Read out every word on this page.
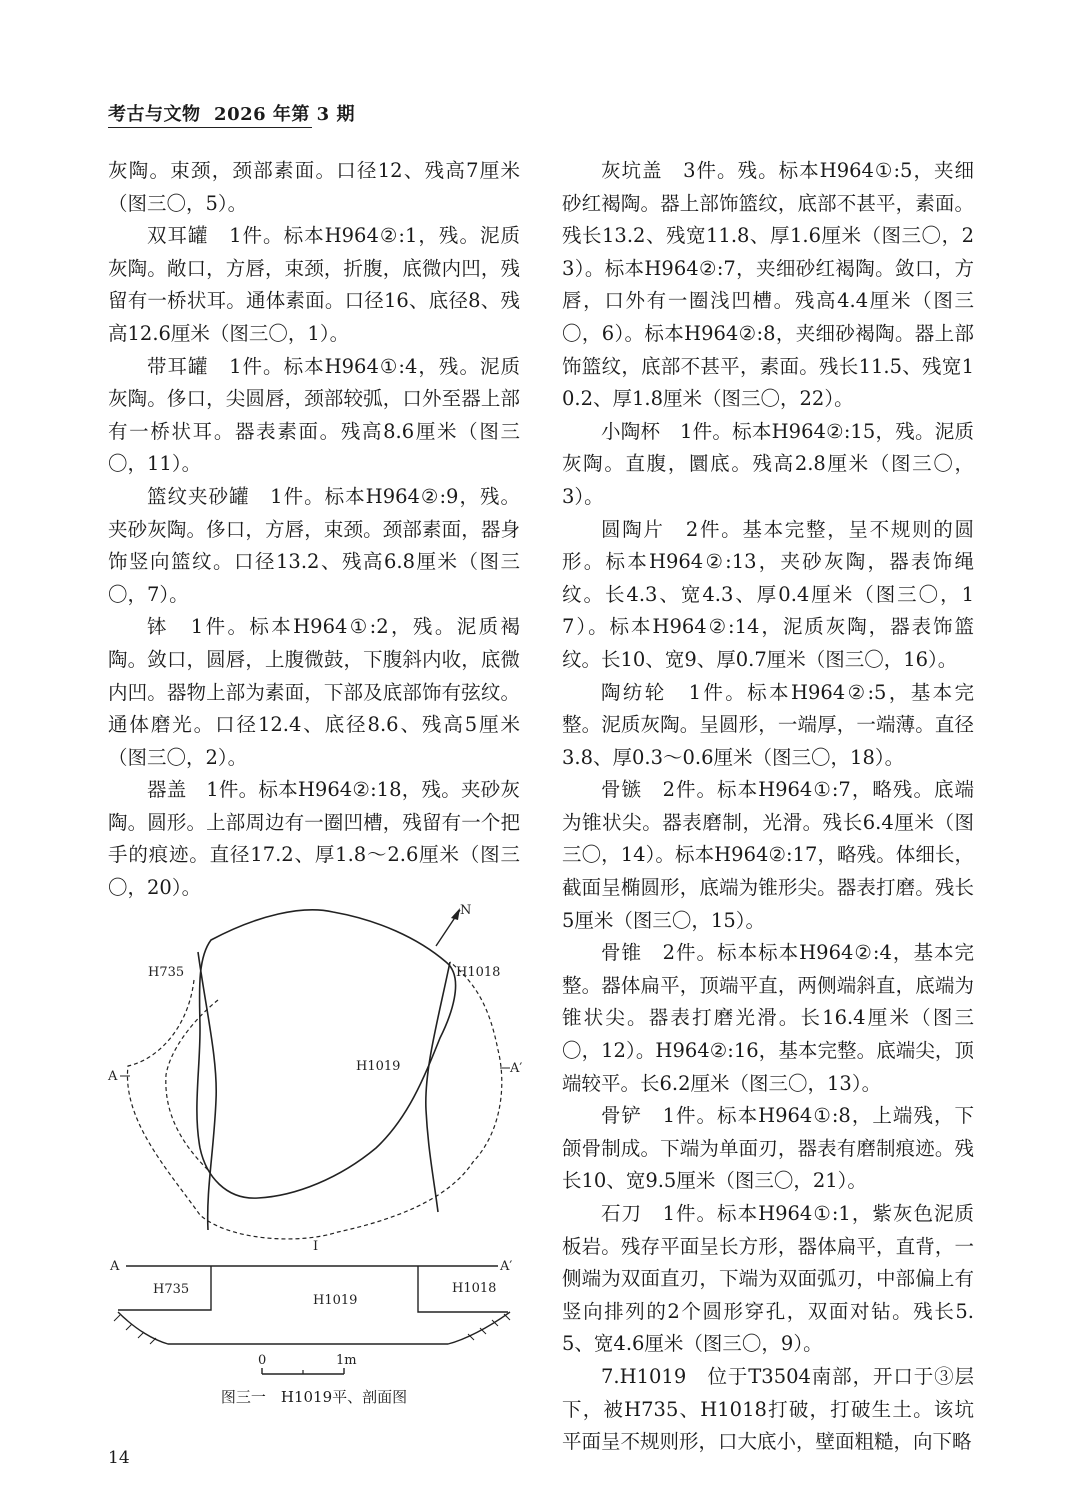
考古与文物 2026 年第 3 期

灰陶。束颈，颈部素面。口径12、残高7厘米（图三〇，5）。

双耳罐　1件。标本H964②:1，残。泥质灰陶。敞口，方唇，束颈，折腹，底微内凹，残留有一桥状耳。通体素面。口径16、底径8、残高12.6厘米（图三〇，1）。

带耳罐　1件。标本H964①:4，残。泥质灰陶。侈口，尖圆唇，颈部较弧，口外至器上部有一桥状耳。器表素面。残高8.6厘米（图三〇，11）。

篮纹夹砂罐　1件。标本H964②:9，残。夹砂灰陶。侈口，方唇，束颈。颈部素面，器身饰竖向篮纹。口径13.2、残高6.8厘米（图三〇，7）。

钵　1件。标本H964①:2，残。泥质褐陶。敛口，圆唇，上腹微鼓，下腹斜内收，底微内凹。器物上部为素面，下部及底部饰有弦纹。通体磨光。口径12.4、底径8.6、残高5厘米（图三〇，2）。

器盖　1件。标本H964②:18，残。夹砂灰陶。圆形。上部周边有一圈凹槽，残留有一个把手的痕迹。直径17.2、厚1.8～2.6厘米（图三〇，20）。

灰坑盖　3件。残。标本H964①:5，夹细砂红褐陶。器上部饰篮纹，底部不甚平，素面。残长13.2、残宽11.8、厚1.6厘米（图三〇，23）。标本H964②:7，夹细砂红褐陶。敛口，方唇，口外有一圈浅凹槽。残高4.4厘米（图三〇，6）。标本H964②:8，夹细砂褐陶。器上部饰篮纹，底部不甚平，素面。残长11.5、残宽10.2、厚1.8厘米（图三〇，22）。

小陶杯　1件。标本H964②:15，残。泥质灰陶。直腹，圜底。残高2.8厘米（图三〇，3）。

圆陶片　2件。基本完整，呈不规则的圆形。标本H964②:13，夹砂灰陶，器表饰绳纹。长4.3、宽4.3、厚0.4厘米（图三〇，17）。标本H964②:14，泥质灰陶，器表饰篮纹。长10、宽9、厚0.7厘米（图三〇，16）。

陶纺轮　1件。标本H964②:5，基本完整。泥质灰陶。呈圆形，一端厚，一端薄。直径3.8、厚0.3～0.6厘米（图三〇，18）。

骨镞　2件。标本H964①:7，略残。底端为锥状尖。器表磨制，光滑。残长6.4厘米（图三〇，14）。标本H964②:17，略残。体细长，截面呈椭圆形，底端为锥形尖。器表打磨。残长5厘米（图三〇，15）。

骨锥　2件。标本标本H964②:4，基本完整。器体扁平，顶端平直，两侧端斜直，底端为锥状尖。器表打磨光滑。长16.4厘米（图三〇，12）。H964②:16，基本完整。底端尖，顶端较平。长6.2厘米（图三〇，13）。

骨铲　1件。标本H964①:8，上端残，下颌骨制成。下端为单面刃，器表有磨制痕迹。残长10、宽9.5厘米（图三〇，21）。

石刀　1件。标本H964①:1，紫灰色泥质板岩。残存平面呈长方形，器体扁平，直背，一侧端为双面直刃，下端为双面弧刃，中部偏上有竖向排列的2个圆形穿孔，双面对钻。残长5.5、宽4.6厘米（图三〇，9）。

7.H1019　位于T3504南部，开口于③层下，被H735、H1018打破，打破生土。该坑平面呈不规则形，口大底小，壁面粗糙，向下略

N
H735	H1018
H1019
A
A′
I
A	A′
H735
H1019
H1018
0	1m
图三一　H1019平、剖面图
14
